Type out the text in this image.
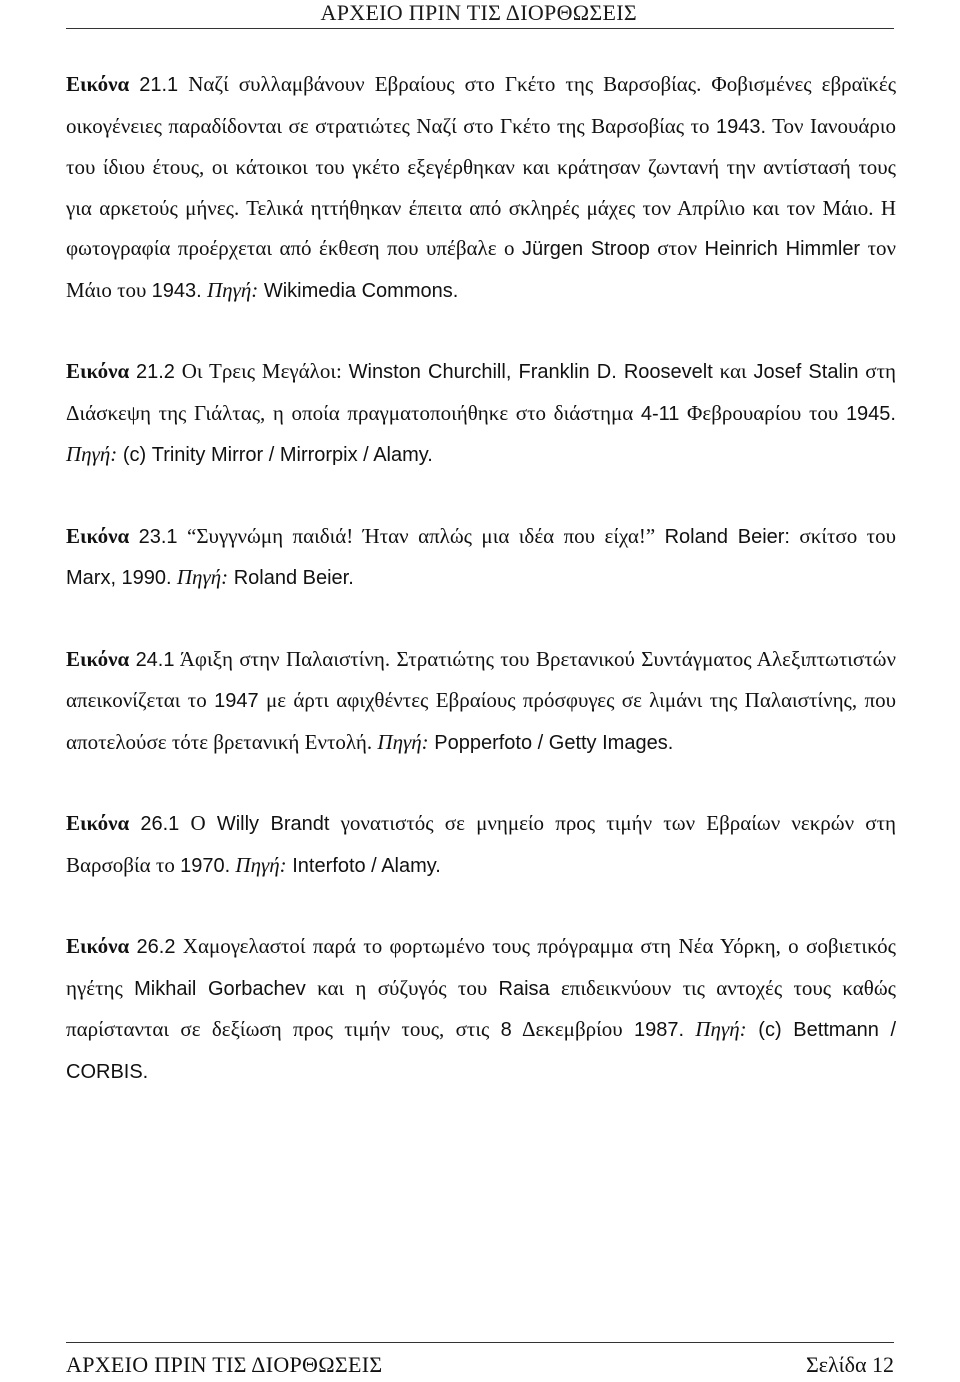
ΑΡΧΕΙΟ ΠΡΙΝ ΤΙΣ ΔΙΟΡΘΩΣΕΙΣ

Εικόνα 21.1 Ναζί συλλαμβάνουν Εβραίους στο Γκέτο της Βαρσοβίας. Φοβισμένες εβραϊκές οικογένειες παραδίδονται σε στρατιώτες Ναζί στο Γκέτο της Βαρσοβίας το 1943. Τον Ιανουάριο του ίδιου έτους, οι κάτοικοι του γκέτο εξεγέρθηκαν και κράτησαν ζωντανή την αντίστασή τους για αρκετούς μήνες. Τελικά ηττήθηκαν έπειτα από σκληρές μάχες τον Απρίλιο και τον Μάιο. Η φωτογραφία προέρχεται από έκθεση που υπέβαλε ο Jürgen Stroop στον Heinrich Himmler τον Μάιο του 1943. Πηγή: Wikimedia Commons.

Εικόνα 21.2 Οι Τρεις Μεγάλοι: Winston Churchill, Franklin D. Roosevelt και Josef Stalin στη Διάσκεψη της Γιάλτας, η οποία πραγματοποιήθηκε στο διάστημα 4-11 Φεβρουαρίου του 1945. Πηγή: (c) Trinity Mirror / Mirrorpix / Alamy.

Εικόνα 23.1 “Συγγνώμη παιδιά! Ήταν απλώς μια ιδέα που είχα!” Roland Beier: σκίτσο του Marx, 1990. Πηγή: Roland Beier.

Εικόνα 24.1 Άφιξη στην Παλαιστίνη. Στρατιώτης του Βρετανικού Συντάγματος Αλεξιπτωτιστών απεικονίζεται το 1947 με άρτι αφιχθέντες Εβραίους πρόσφυγες σε λιμάνι της Παλαιστίνης, που αποτελούσε τότε βρετανική Εντολή. Πηγή: Popperfoto / Getty Images.

Εικόνα 26.1 Ο Willy Brandt γονατιστός σε μνημείο προς τιμήν των Εβραίων νεκρών στη Βαρσοβία το 1970. Πηγή: Interfoto / Alamy.

Εικόνα 26.2 Χαμογελαστοί παρά το φορτωμένο τους πρόγραμμα στη Νέα Υόρκη, ο σοβιετικός ηγέτης Mikhail Gorbachev και η σύζυγός του Raisa επιδεικνύουν τις αντοχές τους καθώς παρίστανται σε δεξίωση προς τιμήν τους, στις 8 Δεκεμβρίου 1987. Πηγή: (c) Bettmann / CORBIS.

ΑΡΧΕΙΟ ΠΡΙΝ ΤΙΣ ΔΙΟΡΘΩΣΕΙΣ	Σελίδα 12
